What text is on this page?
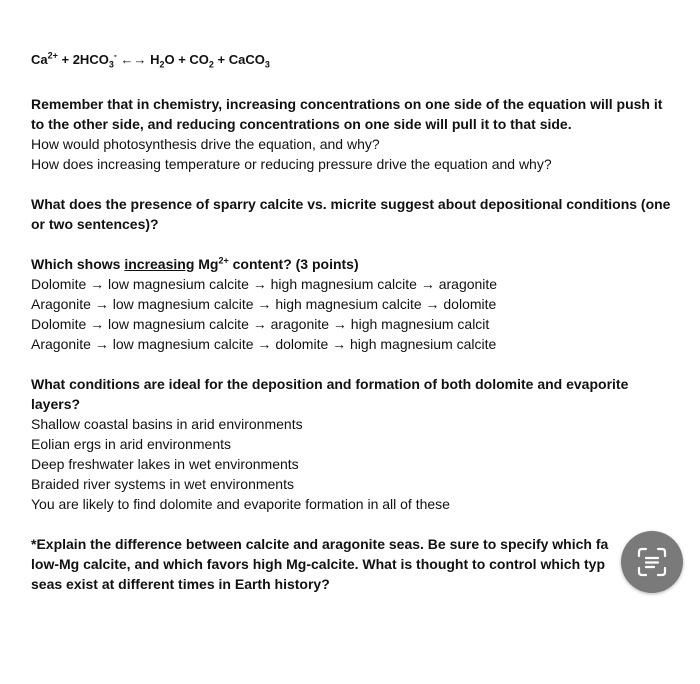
$Ca^{2+} + 2HCO_3^-$ ←→ $H_2O + CO_2$ + CaCO$_3$
Remember that in chemistry, increasing concentrations on one side of the equation will push it to the other side, and reducing concentrations on one side will pull it to that side.
How would photosynthesis drive the equation, and why?
How does increasing temperature or reducing pressure drive the equation and why?
What does the presence of sparry calcite vs. micrite suggest about depositional conditions (one or two sentences)?
Which shows increasing $Mg^{2+}$ content? (3 points)
Dolomite → low magnesium calcite → high magnesium calcite → aragonite
Aragonite → low magnesium calcite → high magnesium calcite → dolomite
Dolomite → low magnesium calcite → aragonite → high magnesium calcit
Aragonite → low magnesium calcite → dolomite → high magnesium calcite
What conditions are ideal for the deposition and formation of both dolomite and evaporite layers?
Shallow coastal basins in arid environments
Eolian ergs in arid environments
Deep freshwater lakes in wet environments
Braided river systems in wet environments
You are likely to find dolomite and evaporite formation in all of these
*Explain the difference between calcite and aragonite seas. Be sure to specify which fa
low-Mg calcite, and which favors high Mg-calcite. What is thought to control which typ
seas exist at different times in Earth history?
